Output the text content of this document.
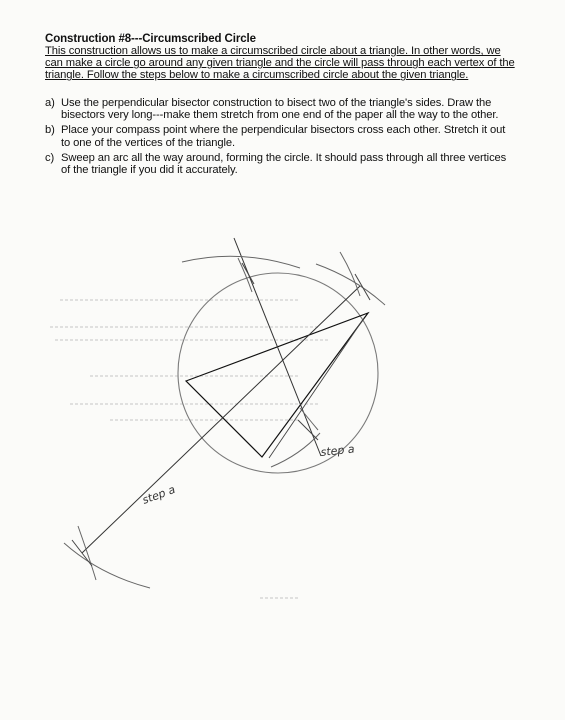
Construction #8---Circumscribed Circle
This construction allows us to make a circumscribed circle about a triangle. In other words, we can make a circle go around any given triangle and the circle will pass through each vertex of the triangle. Follow the steps below to make a circumscribed circle about the given triangle.
a) Use the perpendicular bisector construction to bisect two of the triangle's sides. Draw the bisectors very long---make them stretch from one end of the paper all the way to the other.
b) Place your compass point where the perpendicular bisectors cross each other. Stretch it out to one of the vertices of the triangle.
c) Sweep an arc all the way around, forming the circle. It should pass through all three vertices of the triangle if you did it accurately.
step a
step a
